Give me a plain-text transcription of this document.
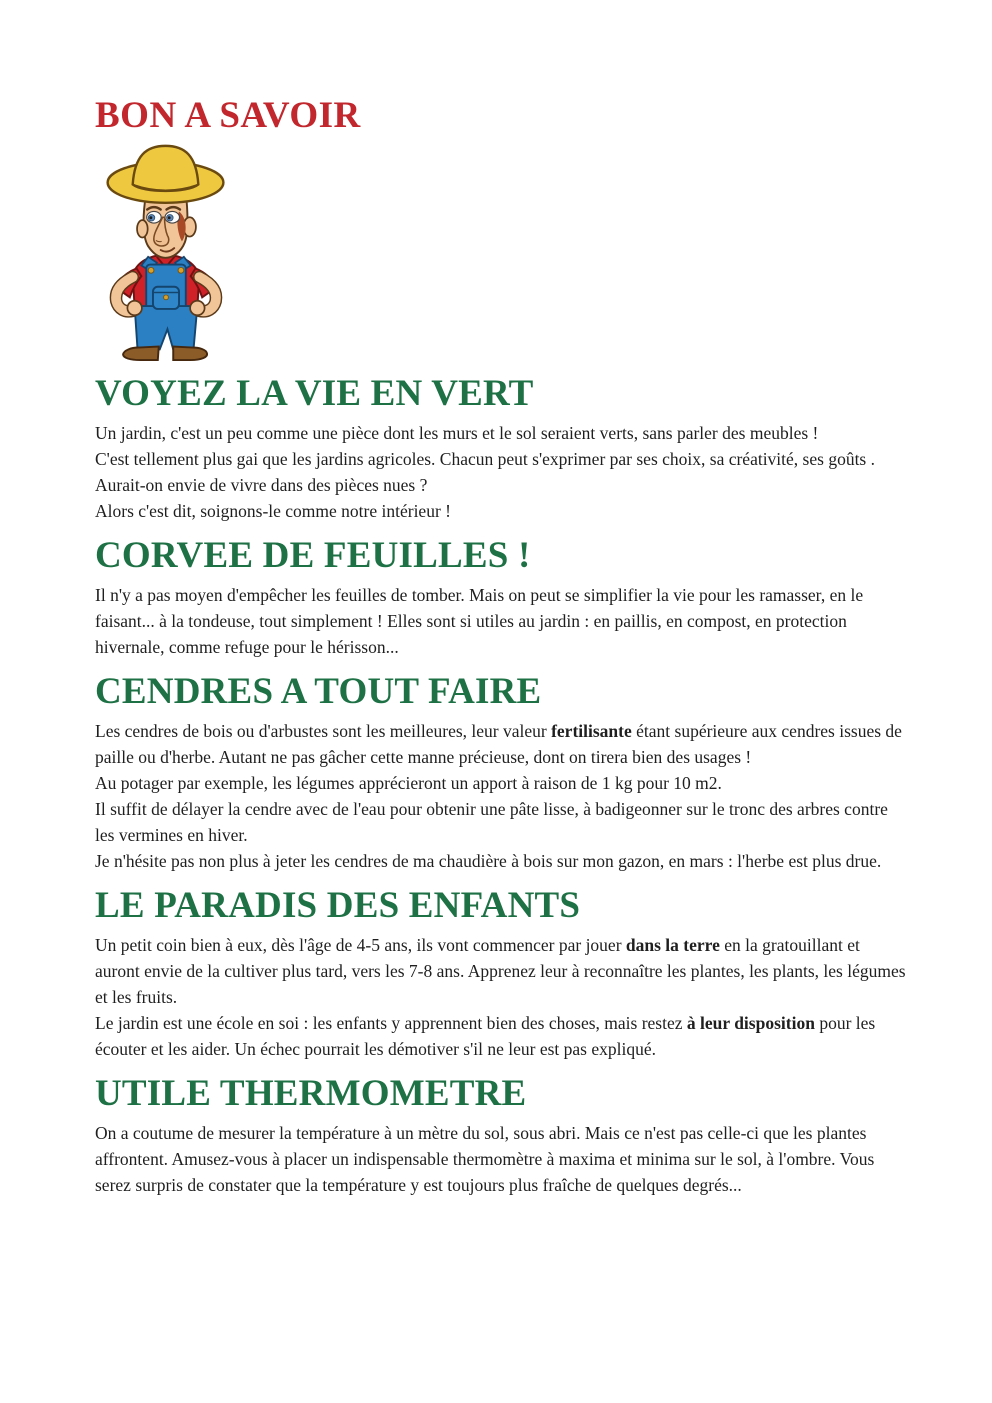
BON A SAVOIR
VOYEZ LA VIE EN VERT

Un jardin, c'est un peu comme une pièce dont les murs et le sol seraient verts, sans parler des meubles !

C'est tellement plus gai que les jardins agricoles. Chacun peut s'exprimer par ses choix, sa créativité, ses goûts .

Aurait-on envie de vivre dans des pièces nues ?

Alors c'est dit, soignons-le comme notre intérieur !

CORVEE DE FEUILLES !

Il n'y a pas moyen d'empêcher les feuilles de tomber. Mais on peut se simplifier la vie pour les ramasser, en le faisant... à la tondeuse, tout simplement ! Elles sont si utiles au jardin : en paillis, en compost, en protection hivernale, comme refuge pour le hérisson...

CENDRES A TOUT FAIRE

Les cendres de bois ou d'arbustes sont les meilleures, leur valeur fertilisante étant supérieure aux cendres issues de paille ou d'herbe. Autant ne pas gâcher cette manne précieuse, dont on tirera bien des usages !

Au potager par exemple, les légumes apprécieront un apport à raison de 1 kg pour 10 m2.

Il suffit de délayer la cendre avec de l'eau pour obtenir une pâte lisse, à badigeonner sur le tronc des arbres contre les vermines en hiver.

Je n'hésite pas non plus à jeter les cendres de ma chaudière à bois sur mon gazon, en mars : l'herbe est plus drue.

LE PARADIS DES ENFANTS

Un petit coin bien à eux, dès l'âge de 4-5 ans, ils vont commencer par jouer dans la terre en la gratouillant et auront envie de la cultiver plus tard, vers les 7-8 ans. Apprenez leur à reconnaître les plantes, les plants, les légumes et les fruits.

Le jardin est une école en soi : les enfants y apprennent bien des choses, mais restez à leur disposition pour les écouter et les aider. Un échec pourrait les démotiver s'il ne leur est pas expliqué.

UTILE THERMOMETRE

On a coutume de mesurer la température à un mètre du sol, sous abri. Mais ce n'est pas celle-ci que les plantes affrontent. Amusez-vous à placer un indispensable thermomètre à maxima et minima sur le sol, à l'ombre. Vous serez surpris de constater que la température y est toujours plus fraîche de quelques degrés...
